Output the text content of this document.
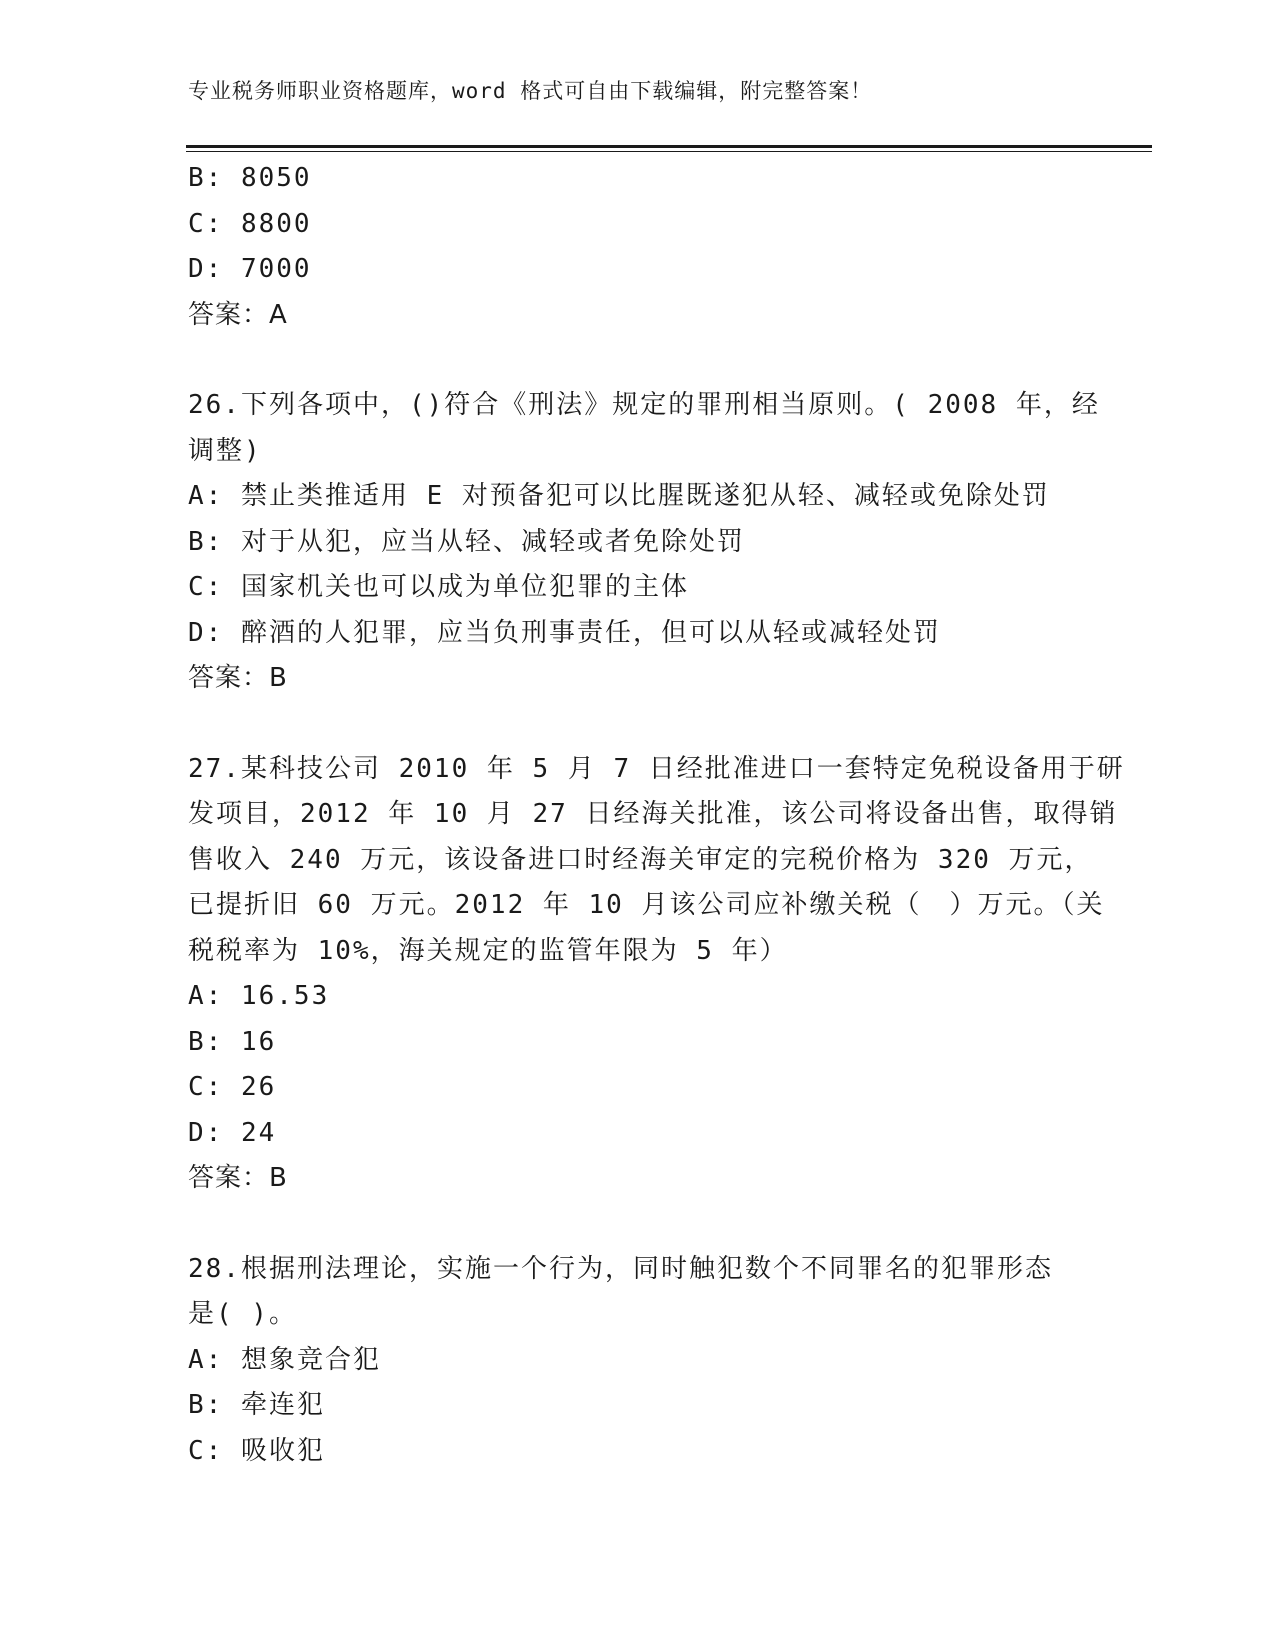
专业税务师职业资格题库，word 格式可自由下载编辑，附完整答案！
B: 8050
C: 8800
D: 7000
答案：A
26.下列各项中，()符合《刑法》规定的罪刑相当原则。( 2008 年，经
调整)
A: 禁止类推适用 E 对预备犯可以比腥既遂犯从轻、减轻或免除处罚
B: 对于从犯，应当从轻、减轻或者免除处罚
C: 国家机关也可以成为单位犯罪的主体
D: 醉酒的人犯罪，应当负刑事责任，但可以从轻或减轻处罚
答案：B
27.某科技公司 2010 年 5 月 7 日经批准进口一套特定免税设备用于研
发项目，2012 年 10 月 27 日经海关批准，该公司将设备出售，取得销
售收入 240 万元，该设备进口时经海关审定的完税价格为 320 万元，
已提折旧 60 万元。2012 年 10 月该公司应补缴关税（　）万元。（关
税税率为 10%，海关规定的监管年限为 5 年）
A: 16.53
B: 16
C: 26
D: 24
答案：B
28.根据刑法理论，实施一个行为，同时触犯数个不同罪名的犯罪形态
是( )。
A: 想象竞合犯
B: 牵连犯
C: 吸收犯
